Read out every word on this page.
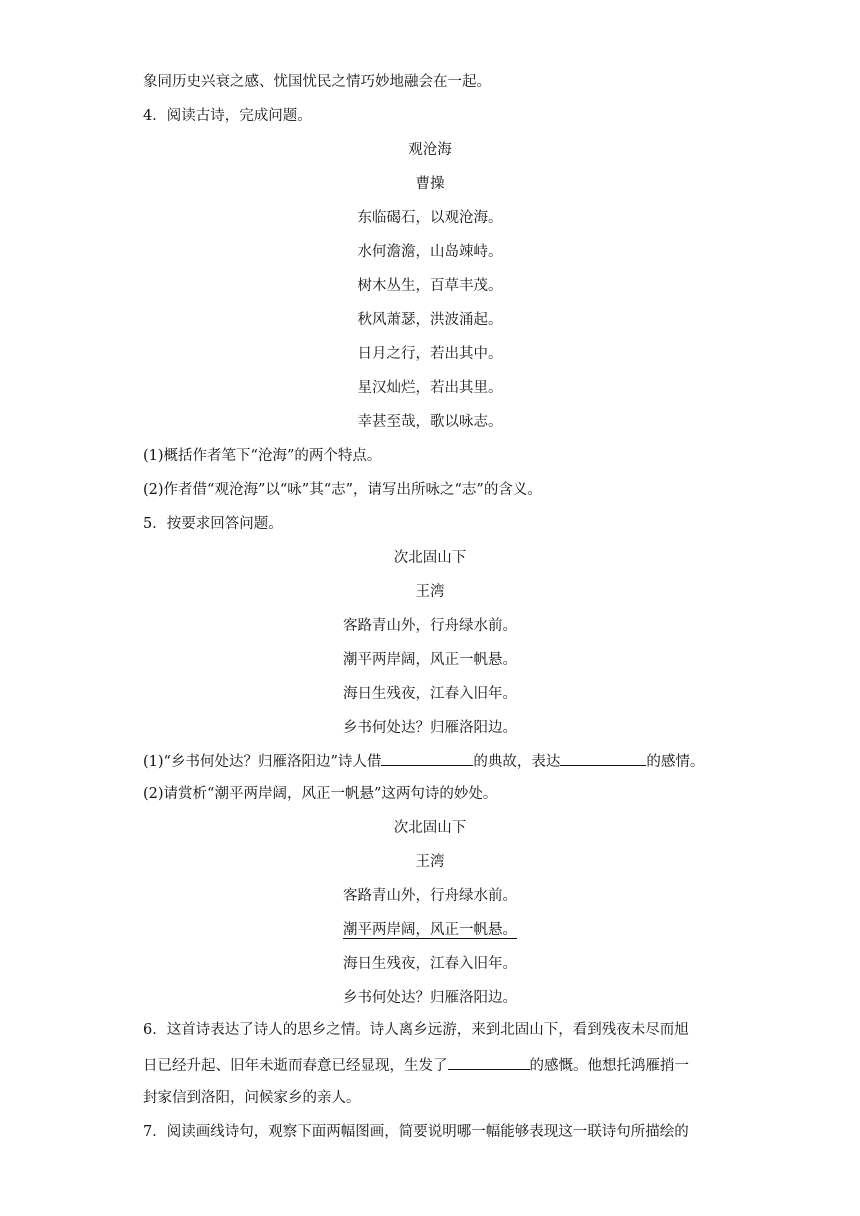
象同历史兴衰之感、忧国忧民之情巧妙地融会在一起。
4．阅读古诗，完成问题。
观沧海
曹操
东临碣石，以观沧海。
水何澹澹，山岛竦峙。
树木丛生，百草丰茂。
秋风萧瑟，洪波涌起。
日月之行，若出其中。
星汉灿烂，若出其里。
幸甚至哉，歌以咏志。
(1)概括作者笔下“沧海”的两个特点。
(2)作者借“观沧海”以“咏”其“志”，请写出所咏之“志”的含义。
5．按要求回答问题。
次北固山下
王湾
客路青山外，行舟绿水前。
潮平两岸阔，风正一帆悬。
海日生残夜，江春入旧年。
乡书何处达？归雁洛阳边。
(1)“乡书何处达？归雁洛阳边”诗人借	的典故，表达	的感情。
(2)请赏析“潮平两岸阔，风正一帆悬”这两句诗的妙处。
次北固山下
王湾
客路青山外，行舟绿水前。
潮平两岸阔，风正一帆悬。
海日生残夜，江春入旧年。
乡书何处达？归雁洛阳边。
6．这首诗表达了诗人的思乡之情。诗人离乡远游，来到北固山下，看到残夜未尽而旭
日已经升起、旧年未逝而春意已经显现，生发了	的感慨。他想托鸿雁捎一
封家信到洛阳，问候家乡的亲人。
7．阅读画线诗句，观察下面两幅图画，简要说明哪一幅能够表现这一联诗句所描绘的
